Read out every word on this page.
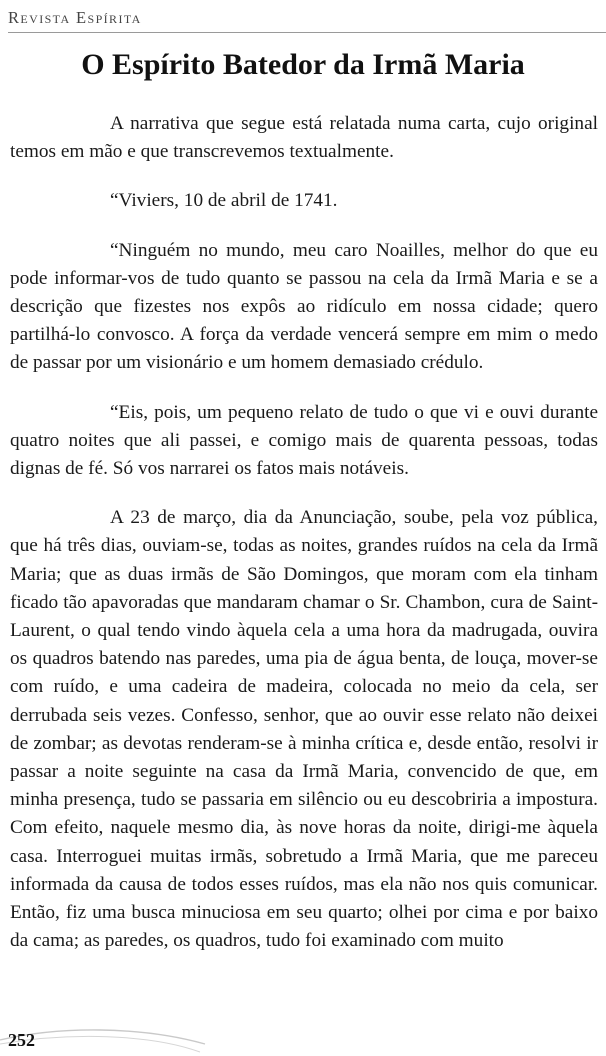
Revista Espírita
O Espírito Batedor da Irmã Maria

A narrativa que segue está relatada numa carta, cujo original temos em mão e que transcrevemos textualmente.

“Viviers, 10 de abril de 1741.

“Ninguém no mundo, meu caro Noailles, melhor do que eu pode informar-vos de tudo quanto se passou na cela da Irmã Maria e se a descrição que fizestes nos expôs ao ridículo em nossa cidade; quero partilhá-lo convosco. A força da verdade vencerá sempre em mim o medo de passar por um visionário e um homem demasiado crédulo.

“Eis, pois, um pequeno relato de tudo o que vi e ouvi durante quatro noites que ali passei, e comigo mais de quarenta pessoas, todas dignas de fé. Só vos narrarei os fatos mais notáveis.

A 23 de março, dia da Anunciação, soube, pela voz pública, que há três dias, ouviam-se, todas as noites, grandes ruídos na cela da Irmã Maria; que as duas irmãs de São Domingos, que moram com ela tinham ficado tão apavoradas que mandaram chamar o Sr. Chambon, cura de Saint-Laurent, o qual tendo vindo àquela cela a uma hora da madrugada, ouvira os quadros batendo nas paredes, uma pia de água benta, de louça, mover-se com ruído, e uma cadeira de madeira, colocada no meio da cela, ser derrubada seis vezes. Confesso, senhor, que ao ouvir esse relato não deixei de zombar; as devotas renderam-se à minha crítica e, desde então, resolvi ir passar a noite seguinte na casa da Irmã Maria, convencido de que, em minha presença, tudo se passaria em silêncio ou eu descobriria a impostura. Com efeito, naquele mesmo dia, às nove horas da noite, dirigi-me àquela casa. Interroguei muitas irmãs, sobretudo a Irmã Maria, que me pareceu informada da causa de todos esses ruídos, mas ela não nos quis comunicar. Então, fiz uma busca minuciosa em seu quarto; olhei por cima e por baixo da cama; as paredes, os quadros, tudo foi examinado com muito

252
